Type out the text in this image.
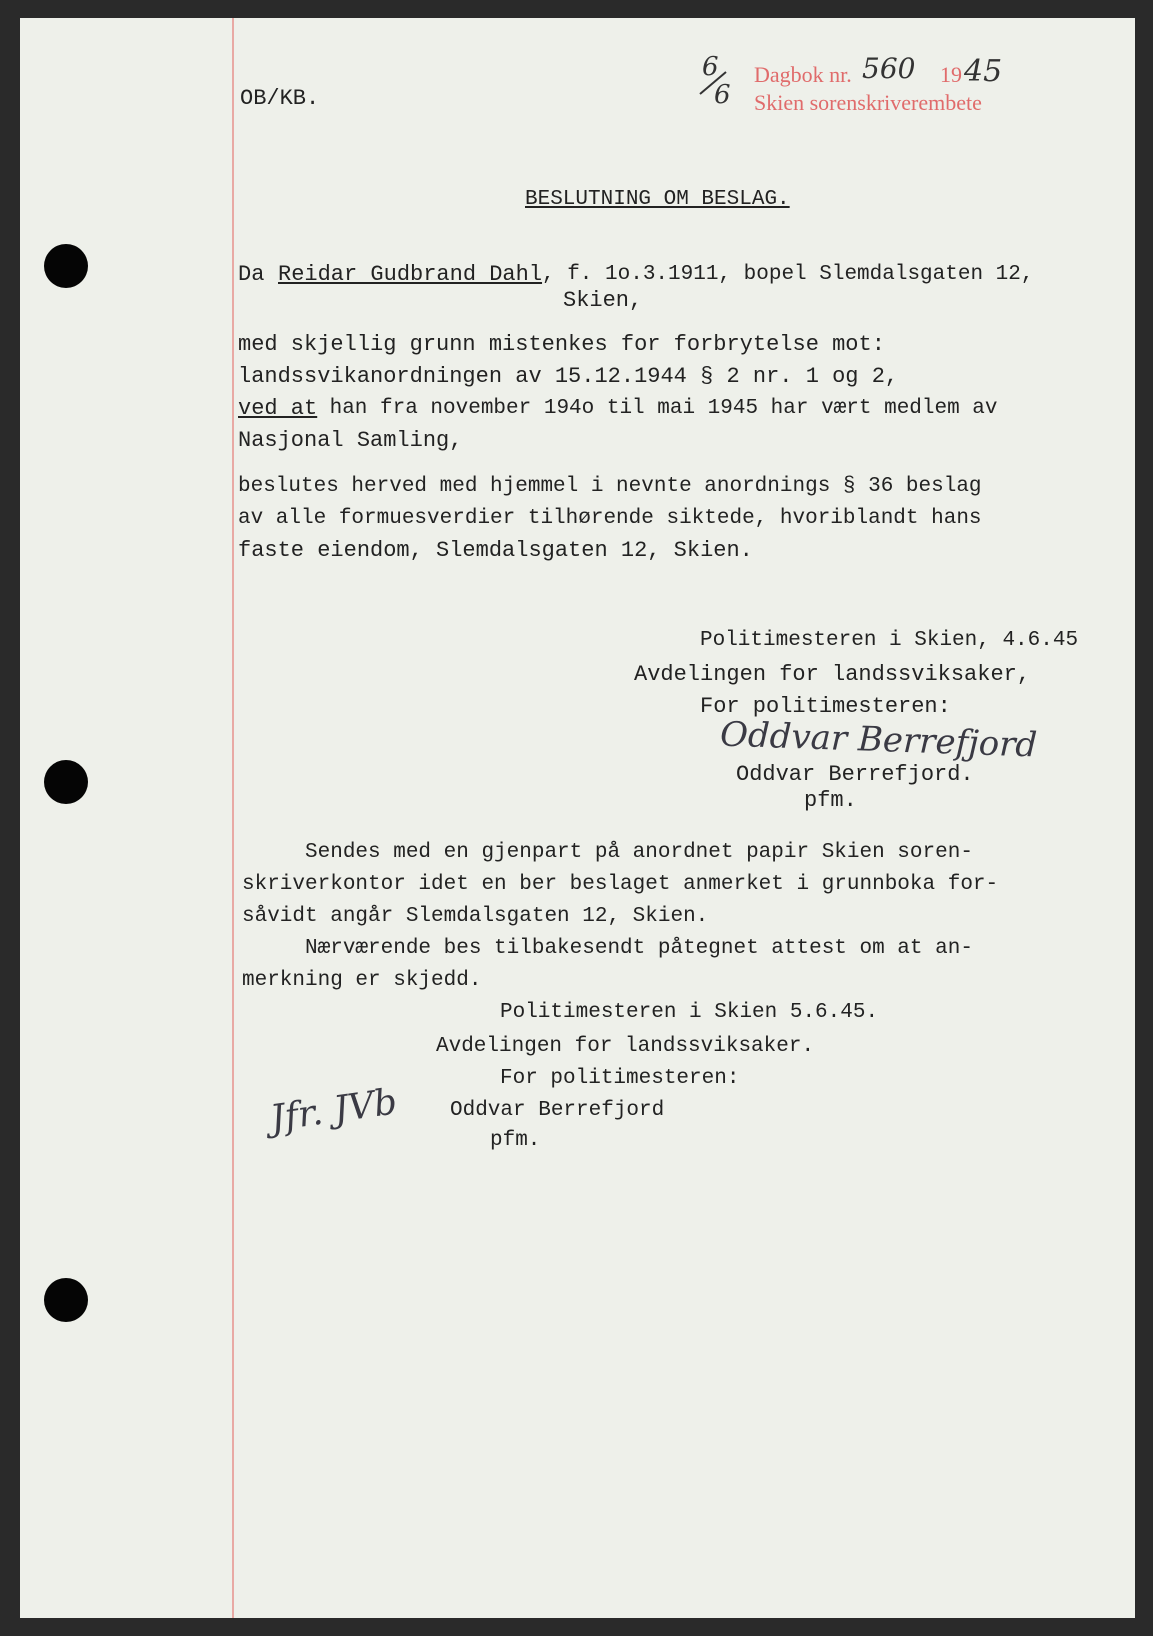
6
6
Dagbok nr. 560 19 45
Skien sorenskriverembete
OB/KB.
BESLUTNING OM BESLAG.
Da Reidar Gudbrand Dahl , f. 1o.3.1911, bopel Slemdalsgaten 12,
Skien,
med skjellig grunn mistenkes for forbrytelse mot:
landssvikanordningen av 15.12.1944 § 2 nr. 1 og 2,
ved at han fra november 194o til mai 1945 har vært medlem av
Nasjonal Samling,
beslutes herved med hjemmel i nevnte anordnings § 36 beslag
av alle formuesverdier tilhørende siktede, hvoriblandt hans
faste eiendom, Slemdalsgaten 12, Skien.
Politimesteren i Skien, 4.6.45
Avdelingen for landssviksaker,
For politimesteren:
Oddvar Berrefjord
Oddvar Berrefjord.
pfm.
Sendes med en gjenpart på anordnet papir Skien soren-
skriverkontor idet en ber beslaget anmerket i grunnboka for-
såvidt angår Slemdalsgaten 12, Skien.
Nærværende bes tilbakesendt påtegnet attest om at an-
merkning er skjedd.
Politimesteren i Skien 5.6.45.
Avdelingen for landssviksaker.
For politimesteren:
Oddvar Berrefjord
pfm.
Jfr. JVb
